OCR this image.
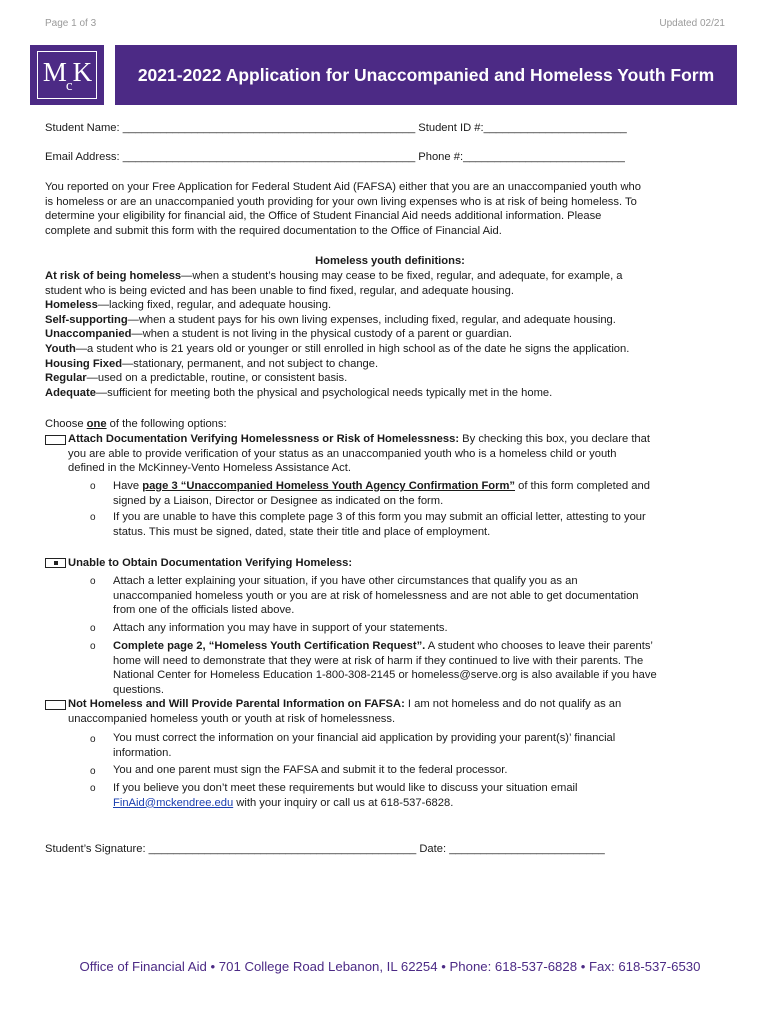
Page 1 of 3	Updated 02/21
$M_cK$	2021-2022 Application for Unaccompanied and Homeless Youth Form
Student Name: _______________________________________________ Student ID #:_______________________
Email Address: _______________________________________________ Phone #:__________________________
You reported on your Free Application for Federal Student Aid (FAFSA) either that you are an unaccompanied youth who
is homeless or are an unaccompanied youth providing for your own living expenses who is at risk of being homeless. To
determine your eligibility for financial aid, the Office of Student Financial Aid needs additional information. Please
complete and submit this form with the required documentation to the Office of Financial Aid.
Homeless youth definitions:
At risk of being homeless—when a student’s housing may cease to be fixed, regular, and adequate, for example, a
student who is being evicted and has been unable to find fixed, regular, and adequate housing.
Homeless—lacking fixed, regular, and adequate housing.
Self-supporting—when a student pays for his own living expenses, including fixed, regular, and adequate housing.
Unaccompanied—when a student is not living in the physical custody of a parent or guardian.
Youth—a student who is 21 years old or younger or still enrolled in high school as of the date he signs the application.
Housing Fixed—stationary, permanent, and not subject to change.
Regular—used on a predictable, routine, or consistent basis.
Adequate—sufficient for meeting both the physical and psychological needs typically met in the home.
Choose one of the following options:
Attach Documentation Verifying Homelessness or Risk of Homelessness: By checking this box, you declare that
you are able to provide verification of your status as an unaccompanied youth who is a homeless child or youth
defined in the McKinney-Vento Homeless Assistance Act.
o	Have page 3 “Unaccompanied Homeless Youth Agency Confirmation Form” of this form completed and
signed by a Liaison, Director or Designee as indicated on the form.
o	If you are unable to have this complete page 3 of this form you may submit an official letter, attesting to your
status. This must be signed, dated, state their title and place of employment.
Unable to Obtain Documentation Verifying Homeless:
o	Attach a letter explaining your situation, if you have other circumstances that qualify you as an
unaccompanied homeless youth or you are at risk of homelessness and are not able to get documentation
from one of the officials listed above.
o	Attach any information you may have in support of your statements.
o	Complete page 2, “Homeless Youth Certification Request”. A student who chooses to leave their parents’
home will need to demonstrate that they were at risk of harm if they continued to live with their parents. The
National Center for Homeless Education 1-800-308-2145 or homeless@serve.org is also available if you have
questions.
Not Homeless and Will Provide Parental Information on FAFSA: I am not homeless and do not qualify as an
unaccompanied homeless youth or youth at risk of homelessness.
o	You must correct the information on your financial aid application by providing your parent(s)’ financial
information.
o	You and one parent must sign the FAFSA and submit it to the federal processor.
o	If you believe you don’t meet these requirements but would like to discuss your situation email
FinAid@mckendree.edu with your inquiry or call us at 618-537-6828.
Student’s Signature: ___________________________________________ Date: _________________________
Office of Financial Aid • 701 College Road Lebanon, IL 62254 • Phone: 618-537-6828 • Fax: 618-537-6530
